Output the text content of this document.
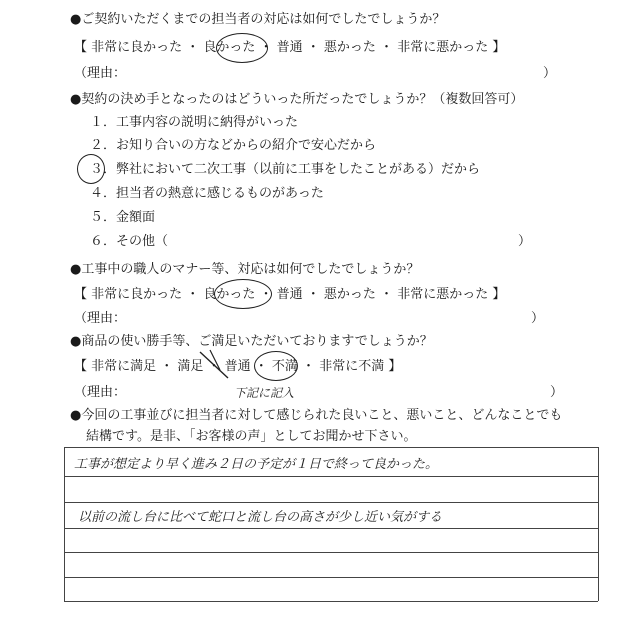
●ご契約いただくまでの担当者の対応は如何でしたでしょうか？
【 非常に良かった ・ 良かった ・ 普通 ・ 悪かった ・ 非常に悪かった 】
（理由：	）
●契約の決め手となったのはどういった所だったでしょうか？（複数回答可）
１．工事内容の説明に納得がいった
２．お知り合いの方などからの紹介で安心だから
３．弊社において二次工事（以前に工事をしたことがある）だから
４．担当者の熱意に感じるものがあった
５．金額面
６．その他（	）
●工事中の職人のマナー等、対応は如何でしたでしょうか？
【 非常に良かった ・ 良かった ・ 普通 ・ 悪かった ・ 非常に悪かった 】
（理由：	）
●商品の使い勝手等、ご満足いただいておりますでしょうか？
【 非常に満足 ・ 満足 ・ 普通 ・ 不満 ・ 非常に不満 】
（理由：	）
下記に記入
●今回の工事並びに担当者に対して感じられた良いこと、悪いこと、どんなことでも
結構です。是非、「お客様の声」としてお聞かせ下さい。
工事が想定より早く進み２日の予定が１日で終って良かった。
以前の流し台に比べて蛇口と流し台の高さが少し近い気がする
